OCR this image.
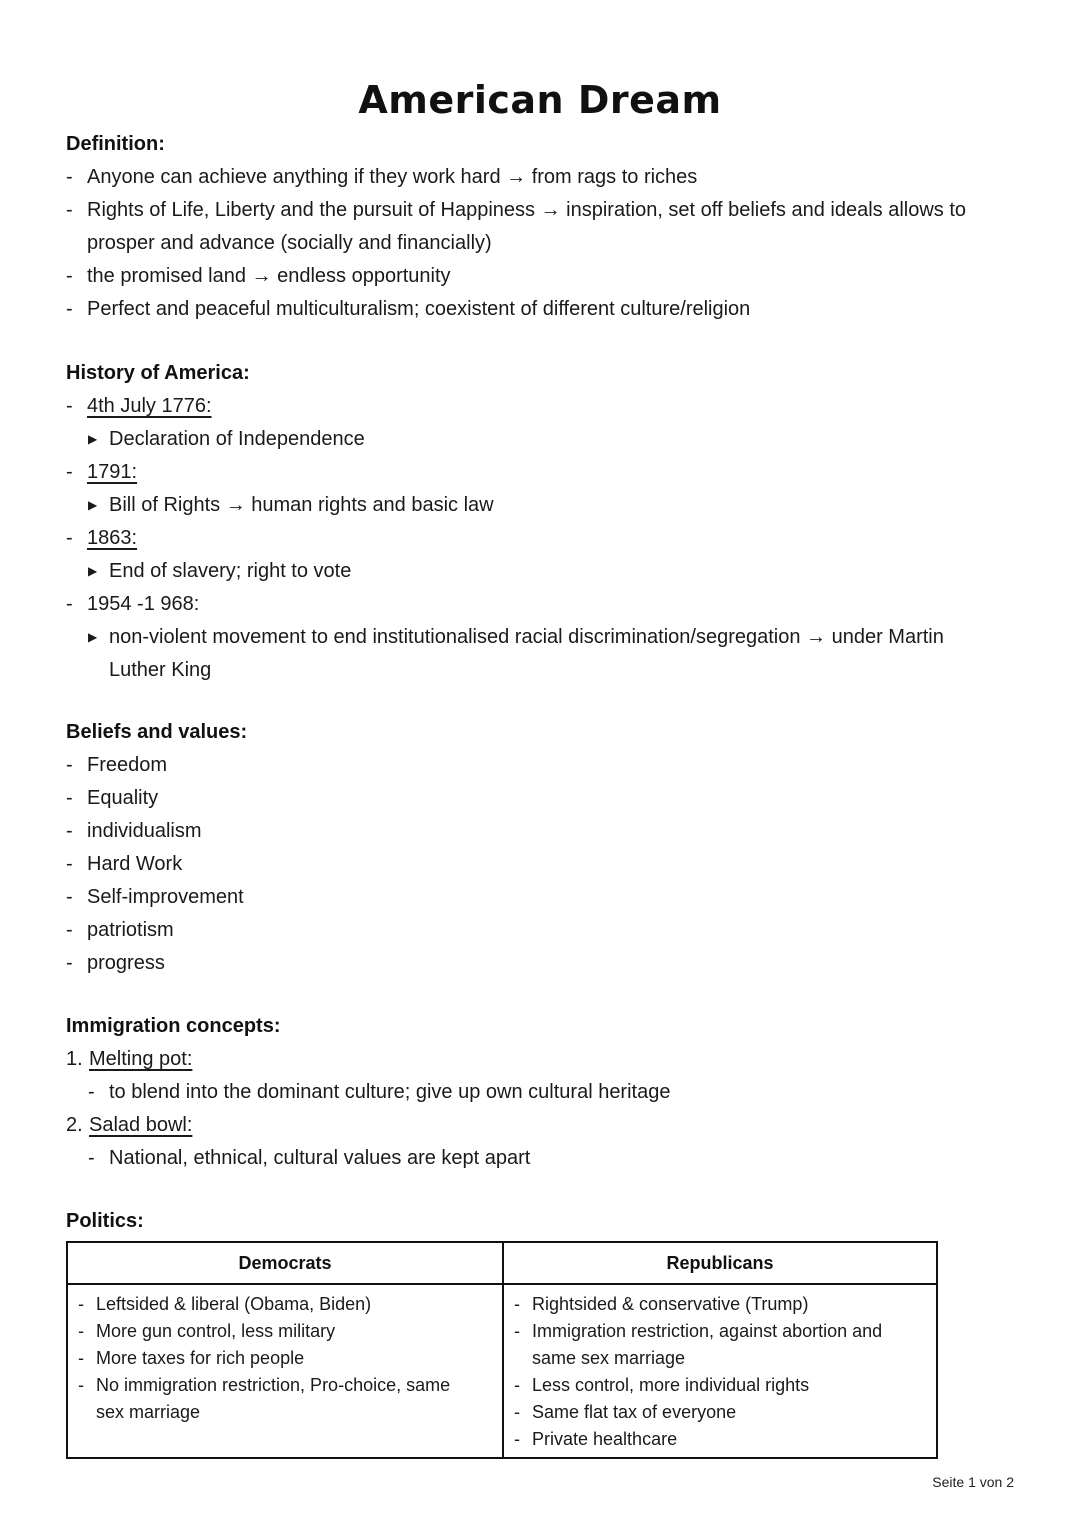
American Dream
Definition:
- Anyone can achieve anything if they work hard → from rags to riches
- Rights of Life, Liberty and the pursuit of Happiness → inspiration, set off beliefs and ideals allows to
prosper and advance (socially and financially)
- the promised land → endless opportunity
- Perfect and peaceful multiculturalism; coexistent of different culture/religion
History of America:
- 4th July 1776:
▶ Declaration of Independence
- 1791:
▶ Bill of Rights → human rights and basic law
- 1863:
▶ End of slavery; right to vote
- 1954 -1 968:
▶ non-violent movement to end institutionalised racial discrimination/segregation → under Martin
Luther King
Beliefs and values:
- Freedom
- Equality
- individualism
- Hard Work
- Self-improvement
- patriotism
- progress
Immigration concepts:
1. Melting pot:
- to blend into the dominant culture; give up own cultural heritage
2. Salad bowl:
- National, ethnical, cultural values are kept apart
Politics:
Democrats	Republicans
- Leftsided & liberal (Obama, Biden)
- More gun control, less military
- More taxes for rich people
- No immigration restriction, Pro-choice, same
sex marriage
- Rightsided & conservative (Trump)
- Immigration restriction, against abortion and
same sex marriage
- Less control, more individual rights
- Same flat tax of everyone
- Private healthcare
Seite 1 von 2
